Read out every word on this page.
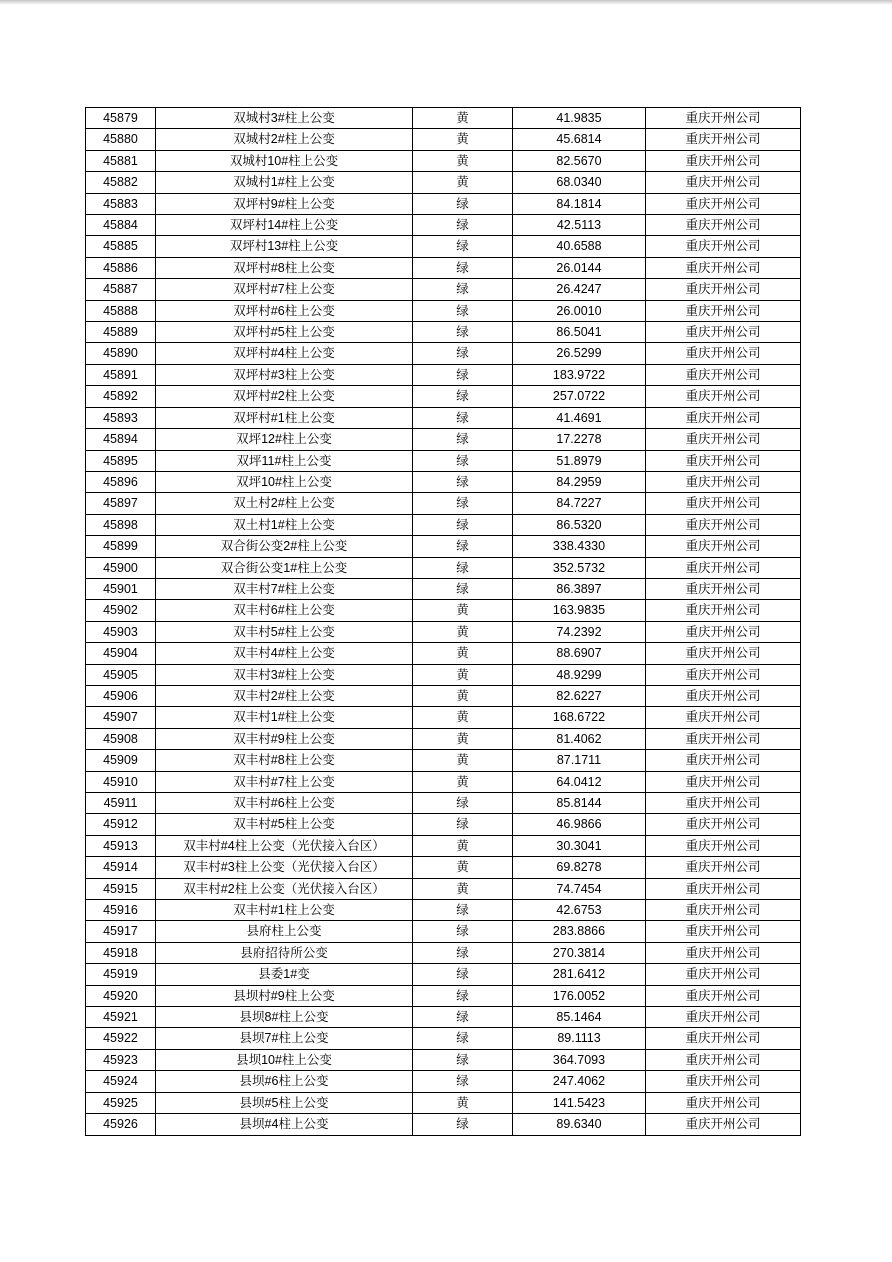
45879	双城村3#柱上公变	黄	41.9835	重庆开州公司
45880	双城村2#柱上公变	黄	45.6814	重庆开州公司
45881	双城村10#柱上公变	黄	82.5670	重庆开州公司
45882	双城村1#柱上公变	黄	68.0340	重庆开州公司
45883	双坪村9#柱上公变	绿	84.1814	重庆开州公司
45884	双坪村14#柱上公变	绿	42.5113	重庆开州公司
45885	双坪村13#柱上公变	绿	40.6588	重庆开州公司
45886	双坪村#8柱上公变	绿	26.0144	重庆开州公司
45887	双坪村#7柱上公变	绿	26.4247	重庆开州公司
45888	双坪村#6柱上公变	绿	26.0010	重庆开州公司
45889	双坪村#5柱上公变	绿	86.5041	重庆开州公司
45890	双坪村#4柱上公变	绿	26.5299	重庆开州公司
45891	双坪村#3柱上公变	绿	183.9722	重庆开州公司
45892	双坪村#2柱上公变	绿	257.0722	重庆开州公司
45893	双坪村#1柱上公变	绿	41.4691	重庆开州公司
45894	双坪12#柱上公变	绿	17.2278	重庆开州公司
45895	双坪11#柱上公变	绿	51.8979	重庆开州公司
45896	双坪10#柱上公变	绿	84.2959	重庆开州公司
45897	双土村2#柱上公变	绿	84.7227	重庆开州公司
45898	双土村1#柱上公变	绿	86.5320	重庆开州公司
45899	双合街公变2#柱上公变	绿	338.4330	重庆开州公司
45900	双合街公变1#柱上公变	绿	352.5732	重庆开州公司
45901	双丰村7#柱上公变	绿	86.3897	重庆开州公司
45902	双丰村6#柱上公变	黄	163.9835	重庆开州公司
45903	双丰村5#柱上公变	黄	74.2392	重庆开州公司
45904	双丰村4#柱上公变	黄	88.6907	重庆开州公司
45905	双丰村3#柱上公变	黄	48.9299	重庆开州公司
45906	双丰村2#柱上公变	黄	82.6227	重庆开州公司
45907	双丰村1#柱上公变	黄	168.6722	重庆开州公司
45908	双丰村#9柱上公变	黄	81.4062	重庆开州公司
45909	双丰村#8柱上公变	黄	87.1711	重庆开州公司
45910	双丰村#7柱上公变	黄	64.0412	重庆开州公司
45911	双丰村#6柱上公变	绿	85.8144	重庆开州公司
45912	双丰村#5柱上公变	绿	46.9866	重庆开州公司
45913	双丰村#4柱上公变（光伏接入台区）	黄	30.3041	重庆开州公司
45914	双丰村#3柱上公变（光伏接入台区）	黄	69.8278	重庆开州公司
45915	双丰村#2柱上公变（光伏接入台区）	黄	74.7454	重庆开州公司
45916	双丰村#1柱上公变	绿	42.6753	重庆开州公司
45917	县府柱上公变	绿	283.8866	重庆开州公司
45918	县府招待所公变	绿	270.3814	重庆开州公司
45919	县委1#变	绿	281.6412	重庆开州公司
45920	县坝村#9柱上公变	绿	176.0052	重庆开州公司
45921	县坝8#柱上公变	绿	85.1464	重庆开州公司
45922	县坝7#柱上公变	绿	89.1113	重庆开州公司
45923	县坝10#柱上公变	绿	364.7093	重庆开州公司
45924	县坝#6柱上公变	绿	247.4062	重庆开州公司
45925	县坝#5柱上公变	黄	141.5423	重庆开州公司
45926	县坝#4柱上公变	绿	89.6340	重庆开州公司
